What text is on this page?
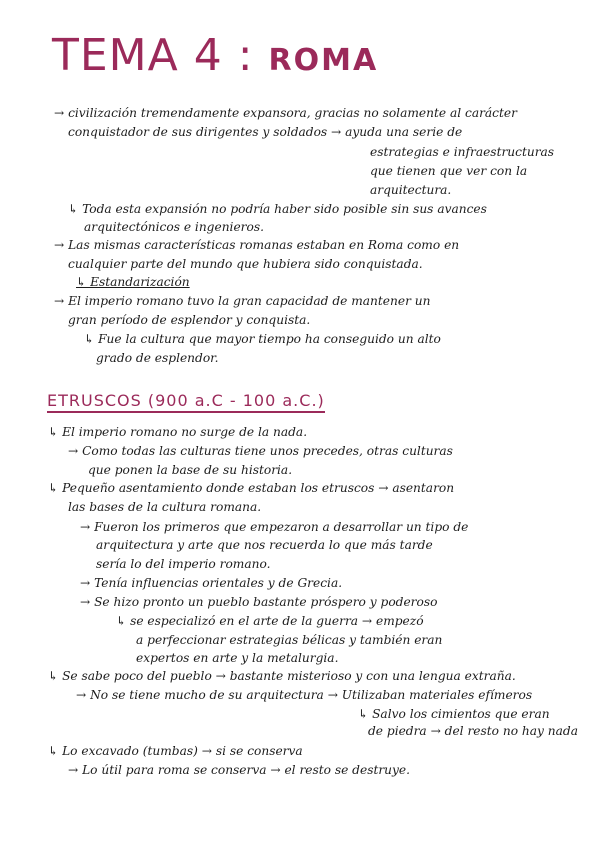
TEMA 4 : ROMA
→ civilización tremendamente expansora, gracias no solamente al carácter
conquistador de sus dirigentes y soldados → ayuda una serie de
estrategias e infraestructuras
que tienen que ver con la
arquitectura.
↳ Toda esta expansión no podría haber sido posible sin sus avances
arquitectónicos e ingenieros.
→ Las mismas características romanas estaban en Roma como en
cualquier parte del mundo que hubiera sido conquistada.
↳ Estandarización
→ El imperio romano tuvo la gran capacidad de mantener un
gran período de esplendor y conquista.
↳ Fue la cultura que mayor tiempo ha conseguido un alto
grado de esplendor.
ETRUSCOS (900 a.C - 100 a.C.)
↳ El imperio romano no surge de la nada.
→ Como todas las culturas tiene unos precedes, otras culturas
que ponen la base de su historia.
↳ Pequeño asentamiento donde estaban los etruscos → asentaron
las bases de la cultura romana.
→ Fueron los primeros que empezaron a desarrollar un tipo de
arquitectura y arte que nos recuerda lo que más tarde
sería lo del imperio romano.
→ Tenía influencias orientales y de Grecia.
→ Se hizo pronto un pueblo bastante próspero y poderoso
↳ se especializó en el arte de la guerra → empezó
a perfeccionar estrategias bélicas y también eran
expertos en arte y la metalurgia.
↳ Se sabe poco del pueblo → bastante misterioso y con una lengua extraña.
→ No se tiene mucho de su arquitectura → Utilizaban materiales efímeros
↳ Salvo los cimientos que eran
de piedra → del resto no hay nada
↳ Lo excavado (tumbas) → si se conserva
→ Lo útil para roma se conserva → el resto se destruye.
